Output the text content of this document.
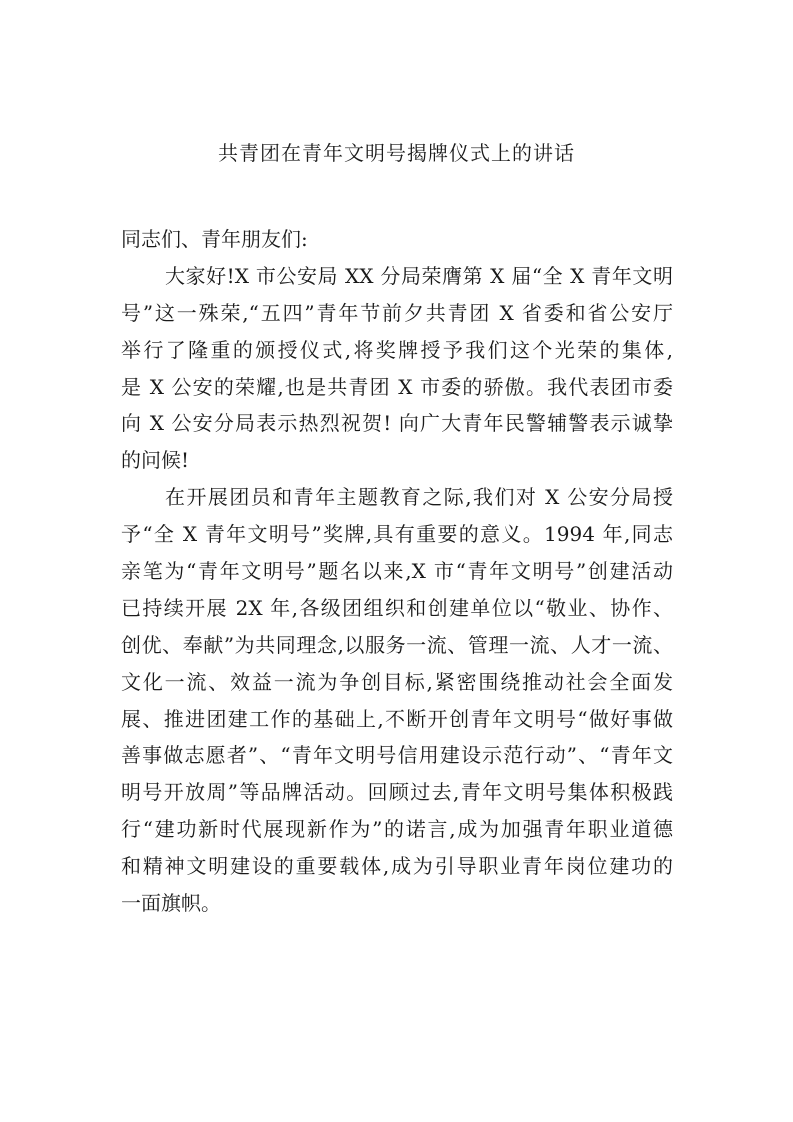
共青团在青年文明号揭牌仪式上的讲话
同志们、青年朋友们:
大家好!X 市公安局 XX 分局荣膺第 X 届“全 X 青年文明
号”这一殊荣,“五四”青年节前夕共青团 X 省委和省公安厅
举行了隆重的颁授仪式,将奖牌授予我们这个光荣的集体,
是 X 公安的荣耀,也是共青团 X 市委的骄傲。我代表团市委
向 X 公安分局表示热烈祝贺! 向广大青年民警辅警表示诚挚
的问候!
在开展团员和青年主题教育之际,我们对 X 公安分局授
予“全 X 青年文明号”奖牌,具有重要的意义。1994 年,同志
亲笔为“青年文明号”题名以来,X 市“青年文明号”创建活动
已持续开展 2X 年,各级团组织和创建单位以“敬业、协作、
创优、奉献”为共同理念,以服务一流、管理一流、人才一流、
文化一流、效益一流为争创目标,紧密围绕推动社会全面发
展、推进团建工作的基础上,不断开创青年文明号“做好事做
善事做志愿者”、“青年文明号信用建设示范行动”、“青年文
明号开放周”等品牌活动。回顾过去,青年文明号集体积极践
行“建功新时代展现新作为”的诺言,成为加强青年职业道德
和精神文明建设的重要载体,成为引导职业青年岗位建功的
一面旗帜。
